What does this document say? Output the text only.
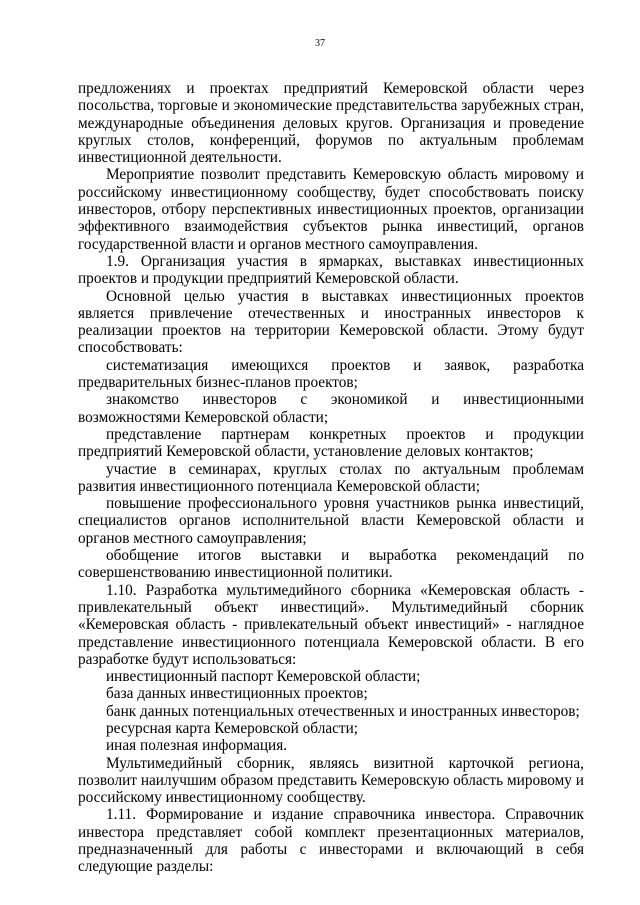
37

предложениях и проектах предприятий Кемеровской области через посольства, торговые и экономические представительства зарубежных стран, международные объединения деловых кругов. Организация и проведение круглых столов, конференций, форумов по актуальным проблемам инвестиционной деятельности.

Мероприятие позволит представить Кемеровскую область мировому и российскому инвестиционному сообществу, будет способствовать поиску инвесторов, отбору перспективных инвестиционных проектов, организации эффективного взаимодействия субъектов рынка инвестиций, органов государственной власти и органов местного самоуправления.

1.9. Организация участия в ярмарках, выставках инвестиционных проектов и продукции предприятий Кемеровской области.

Основной целью участия в выставках инвестиционных проектов является привлечение отечественных и иностранных инвесторов к реализации проектов на территории Кемеровской области. Этому будут способствовать:

систематизация имеющихся проектов и заявок, разработка предварительных бизнес-планов проектов;

знакомство инвесторов с экономикой и инвестиционными возможностями Кемеровской области;

представление партнерам конкретных проектов и продукции предприятий Кемеровской области, установление деловых контактов;

участие в семинарах, круглых столах по актуальным проблемам развития инвестиционного потенциала Кемеровской области;

повышение профессионального уровня участников рынка инвестиций, специалистов органов исполнительной власти Кемеровской области и органов местного самоуправления;

обобщение итогов выставки и выработка рекомендаций по совершенствованию инвестиционной политики.

1.10. Разработка мультимедийного сборника «Кемеровская область - привлекательный объект инвестиций». Мультимедийный сборник «Кемеровская область - привлекательный объект инвестиций» - наглядное представление инвестиционного потенциала Кемеровской области. В его разработке будут использоваться:

инвестиционный паспорт Кемеровской области;

база данных инвестиционных проектов;

банк данных потенциальных отечественных и иностранных инвесторов;

ресурсная карта Кемеровской области;

иная полезная информация.

Мультимедийный сборник, являясь визитной карточкой региона, позволит наилучшим образом представить Кемеровскую область мировому и российскому инвестиционному сообществу.

1.11. Формирование и издание справочника инвестора. Справочник инвестора представляет собой комплект презентационных материалов, предназначенный для работы с инвесторами и включающий в себя следующие разделы:
